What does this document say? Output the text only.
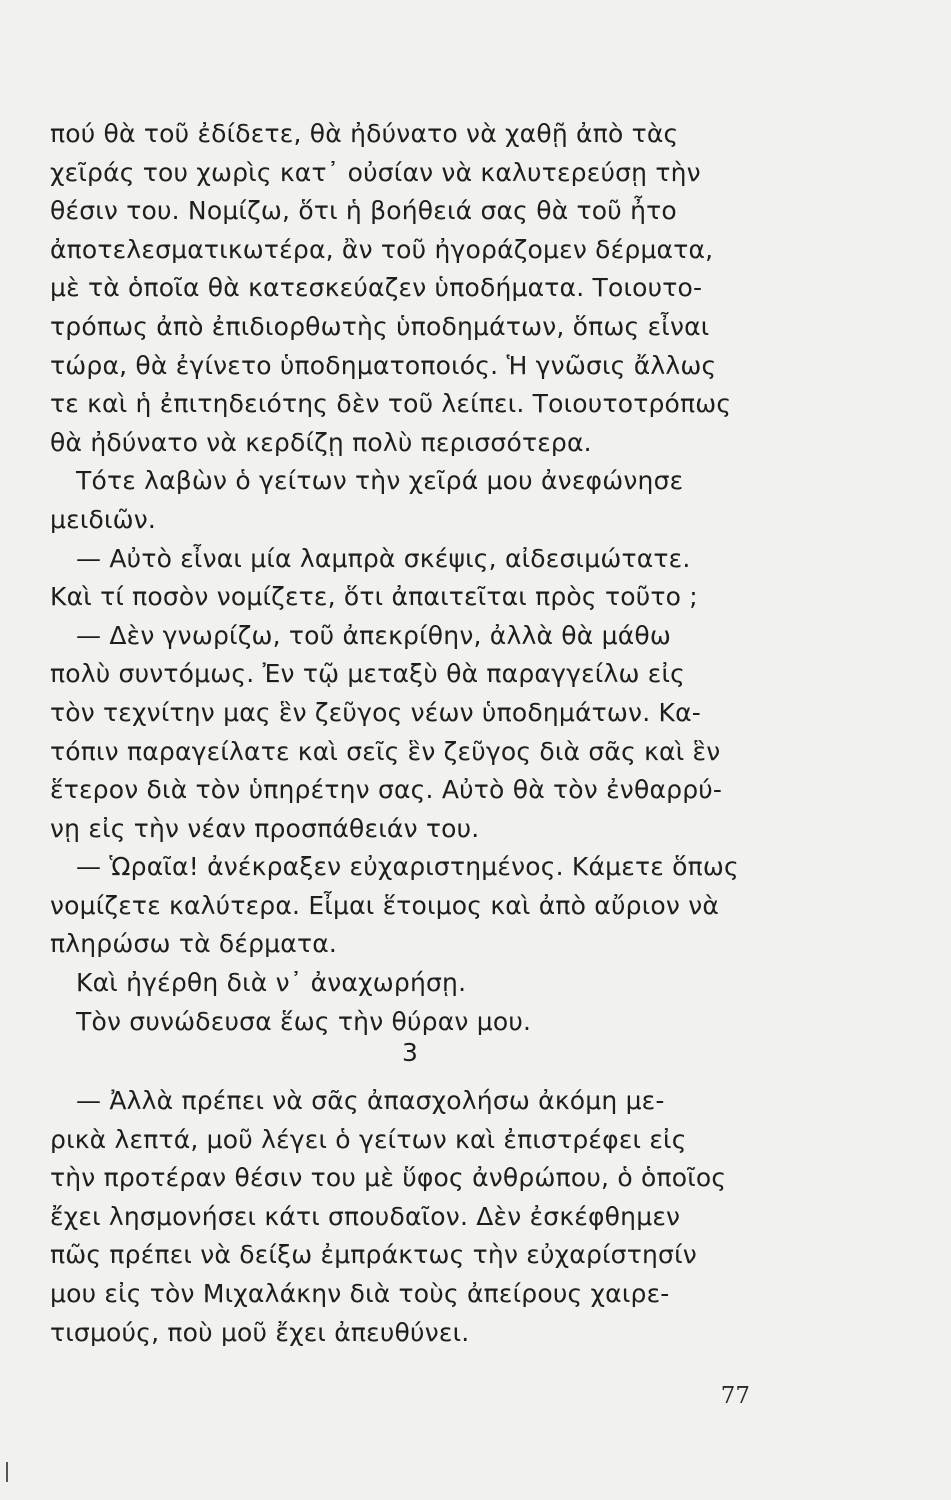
πού θὰ τοῦ ἐδίδετε, θὰ ἠδύνατο νὰ χαθῇ ἀπὸ τὰς
χεῖράς του χωρὶς κατ᾽ οὐσίαν νὰ καλυτερεύσῃ τὴν
θέσιν του. Νομίζω, ὅτι ἡ βοήθειά σας θὰ τοῦ ἦτο
ἀποτελεσματικωτέρα, ἂν τοῦ ἠγοράζομεν δέρματα,
μὲ τὰ ὁποῖα θὰ κατεσκεύαζεν ὑποδήματα. Τοιουτο-
τρόπως ἀπὸ ἐπιδιορθωτὴς ὑποδημάτων, ὅπως εἶναι
τώρα, θὰ ἐγίνετο ὑποδηματοποιός. Ἡ γνῶσις ἄλλως
τε καὶ ἡ ἐπιτηδειότης δὲν τοῦ λείπει. Τοιουτοτρόπως
θὰ ἠδύνατο νὰ κερδίζῃ πολὺ περισσότερα.
Τότε λαβὼν ὁ γείτων τὴν χεῖρά μου ἀνεφώνησε
μειδιῶν.
— Αὐτὸ εἶναι μία λαμπρὰ σκέψις, αἰδεσιμώτατε.
Καὶ τί ποσὸν νομίζετε, ὅτι ἀπαιτεῖται πρὸς τοῦτο ;
— Δὲν γνωρίζω, τοῦ ἀπεκρίθην, ἀλλὰ θὰ μάθω
πολὺ συντόμως. Ἐν τῷ μεταξὺ θὰ παραγγείλω εἰς
τὸν τεχνίτην μας ἓν ζεῦγος νέων ὑποδημάτων. Κα-
τόπιν παραγείλατε καὶ σεῖς ἓν ζεῦγος διὰ σᾶς καὶ ἓν
ἕτερον διὰ τὸν ὑπηρέτην σας. Αὐτὸ θὰ τὸν ἐνθαρρύ-
νῃ εἰς τὴν νέαν προσπάθειάν του.
— Ὡραῖα! ἀνέκραξεν εὐχαριστημένος. Κάμετε ὅπως
νομίζετε καλύτερα. Εἶμαι ἕτοιμος καὶ ἀπὸ αὔριον νὰ
πληρώσω τὰ δέρματα.
Καὶ ἠγέρθη διὰ ν᾽ ἀναχωρήσῃ.
Τὸν συνώδευσα ἕως τὴν θύραν μου.
3
— Ἀλλὰ πρέπει νὰ σᾶς ἀπασχολήσω ἀκόμη με-
ρικὰ λεπτά, μοῦ λέγει ὁ γείτων καὶ ἐπιστρέφει εἰς
τὴν προτέραν θέσιν του μὲ ὕφος ἀνθρώπου, ὁ ὁποῖος
ἔχει λησμονήσει κάτι σπουδαῖον. Δὲν ἐσκέφθημεν
πῶς πρέπει νὰ δείξω ἐμπράκτως τὴν εὐχαρίστησίν
μου εἰς τὸν Μιχαλάκην διὰ τοὺς ἀπείρους χαιρε-
τισμούς, ποὺ μοῦ ἔχει ἀπευθύνει.
77
